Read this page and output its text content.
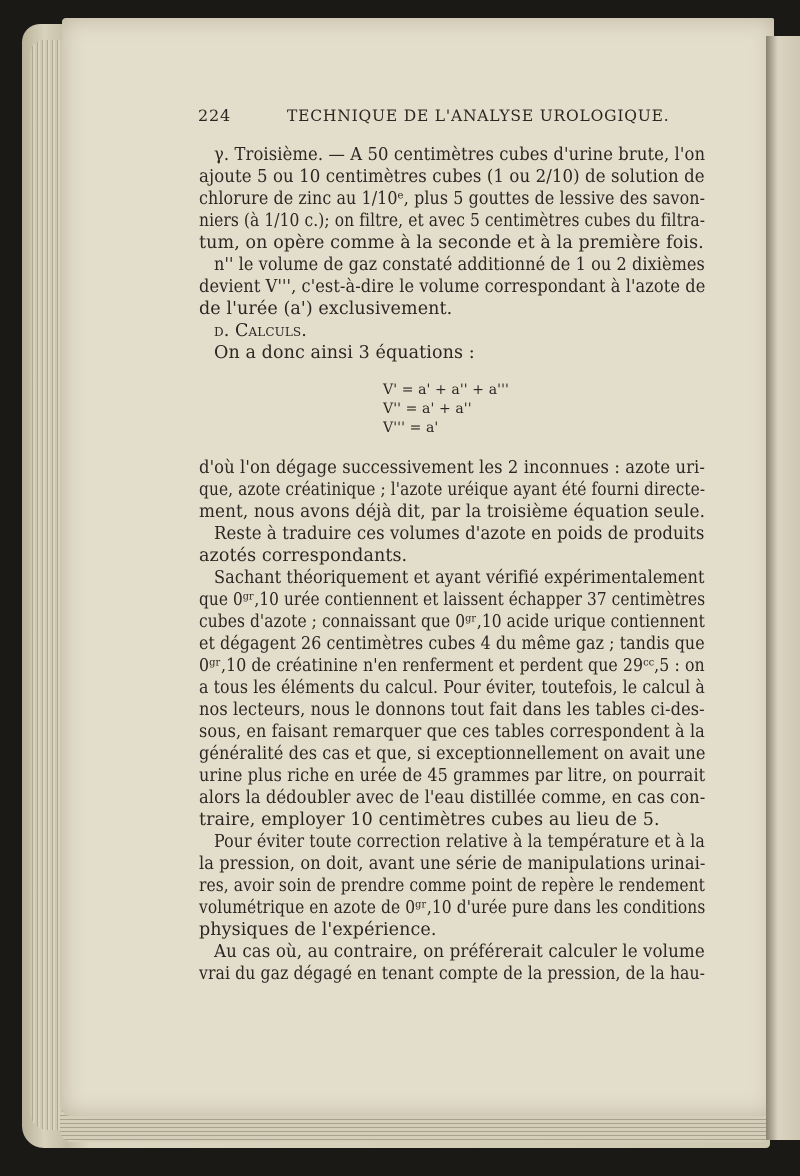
224	TECHNIQUE DE L'ANALYSE UROLOGIQUE.
γ. Troisième. — A 50 centimètres cubes d'urine brute, l'on
ajoute 5 ou 10 centimètres cubes (1 ou 2/10) de solution de
chlorure de zinc au 1/10ᵉ, plus 5 gouttes de lessive des savon-
niers (à 1/10 c.); on filtre, et avec 5 centimètres cubes du filtra-
tum, on opère comme à la seconde et à la première fois.
n'' le volume de gaz constaté additionné de 1 ou 2 dixièmes
devient V''', c'est-à-dire le volume correspondant à l'azote de
de l'urée (a') exclusivement.
d. Calculs.
On a donc ainsi 3 équations :
V' = a' + a'' + a'''
V'' = a' + a''
V''' = a'
d'où l'on dégage successivement les 2 inconnues : azote uri-
que, azote créatinique ; l'azote uréique ayant été fourni directe-
ment, nous avons déjà dit, par la troisième équation seule.
Reste à traduire ces volumes d'azote en poids de produits
azotés correspondants.
Sachant théoriquement et ayant vérifié expérimentalement
que 0ᵍʳ,10 urée contiennent et laissent échapper 37 centimètres
cubes d'azote ; connaissant que 0ᵍʳ,10 acide urique contiennent
et dégagent 26 centimètres cubes 4 du même gaz ; tandis que
0ᵍʳ,10 de créatinine n'en renferment et perdent que 29ᶜᶜ,5 : on
a tous les éléments du calcul. Pour éviter, toutefois, le calcul à
nos lecteurs, nous le donnons tout fait dans les tables ci-des-
sous, en faisant remarquer que ces tables correspondent à la
généralité des cas et que, si exceptionnellement on avait une
urine plus riche en urée de 45 grammes par litre, on pourrait
alors la dédoubler avec de l'eau distillée comme, en cas con-
traire, employer 10 centimètres cubes au lieu de 5.
Pour éviter toute correction relative à la température et à la
la pression, on doit, avant une série de manipulations urinai-
res, avoir soin de prendre comme point de repère le rendement
volumétrique en azote de 0ᵍʳ,10 d'urée pure dans les conditions
physiques de l'expérience.
Au cas où, au contraire, on préférerait calculer le volume
vrai du gaz dégagé en tenant compte de la pression, de la hau-
